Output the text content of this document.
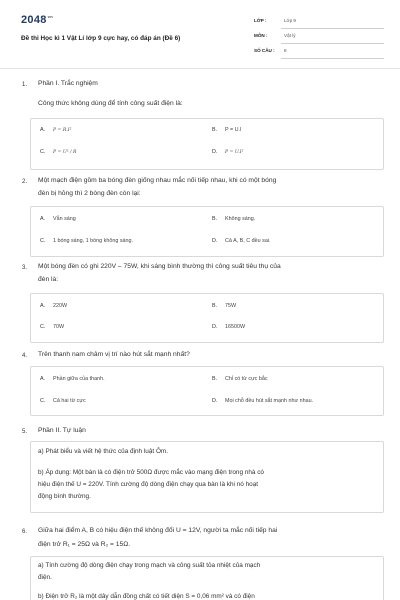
$2048^{vn}$
Đề thi Học kì 1 Vật Lí lớp 9 cực hay, có đáp án (Đề 6)
LỚP :	Lớp 9
MÔN :	Vật lý
SỐ CÂU : 8
1. Phần I. Trắc nghiệm
Công thức không dùng để tính công suất điện là:
A. P = R.I²	B. P = U.I
C. P = U² / R	D. P = U.I²
2. Một mạch điện gồm ba bóng đèn giống nhau mắc nối tiếp nhau, khi có một bóng
đèn bị hỏng thì 2 bóng đèn còn lại:
A. Vẫn sáng	B. Không sáng.
C. 1 bóng sáng, 1 bóng không sáng.	D. Cả A, B, C đều sai.
3. Một bóng đèn có ghi 220V – 75W, khi sáng bình thường thì công suất tiêu thụ của
đèn là:
A. 220W	B. 75W
C. 70W	D. 16500W
4. Trên thanh nam châm vị trí nào hút sắt mạnh nhất?
A. Phần giữa của thanh.	B. Chỉ có từ cực bắc
C. Cả hai từ cực	D. Mọi chỗ đều hút sắt mạnh như nhau.
5. Phần II. Tự luận
a) Phát biểu và viết hệ thức của định luật Ôm.
b) Áp dụng: Một bàn là có điện trở 500Ω được mắc vào mạng điện trong nhà có
hiệu điện thế U = 220V. Tính cường độ dòng điện chạy qua bàn là khi nó hoạt
động bình thường.
6. Giữa hai điểm A, B có hiệu điện thế không đổi U = 12V, người ta mắc nối tiếp hai
điện trở R₁ = 25Ω và R₂ = 15Ω.
a) Tính cường độ dòng điện chạy trong mạch và công suất tỏa nhiệt của mạch
điện.
b) Điện trở R₂ là một dây dẫn đồng chất có tiết diện S = 0,06 mm² và có điện
